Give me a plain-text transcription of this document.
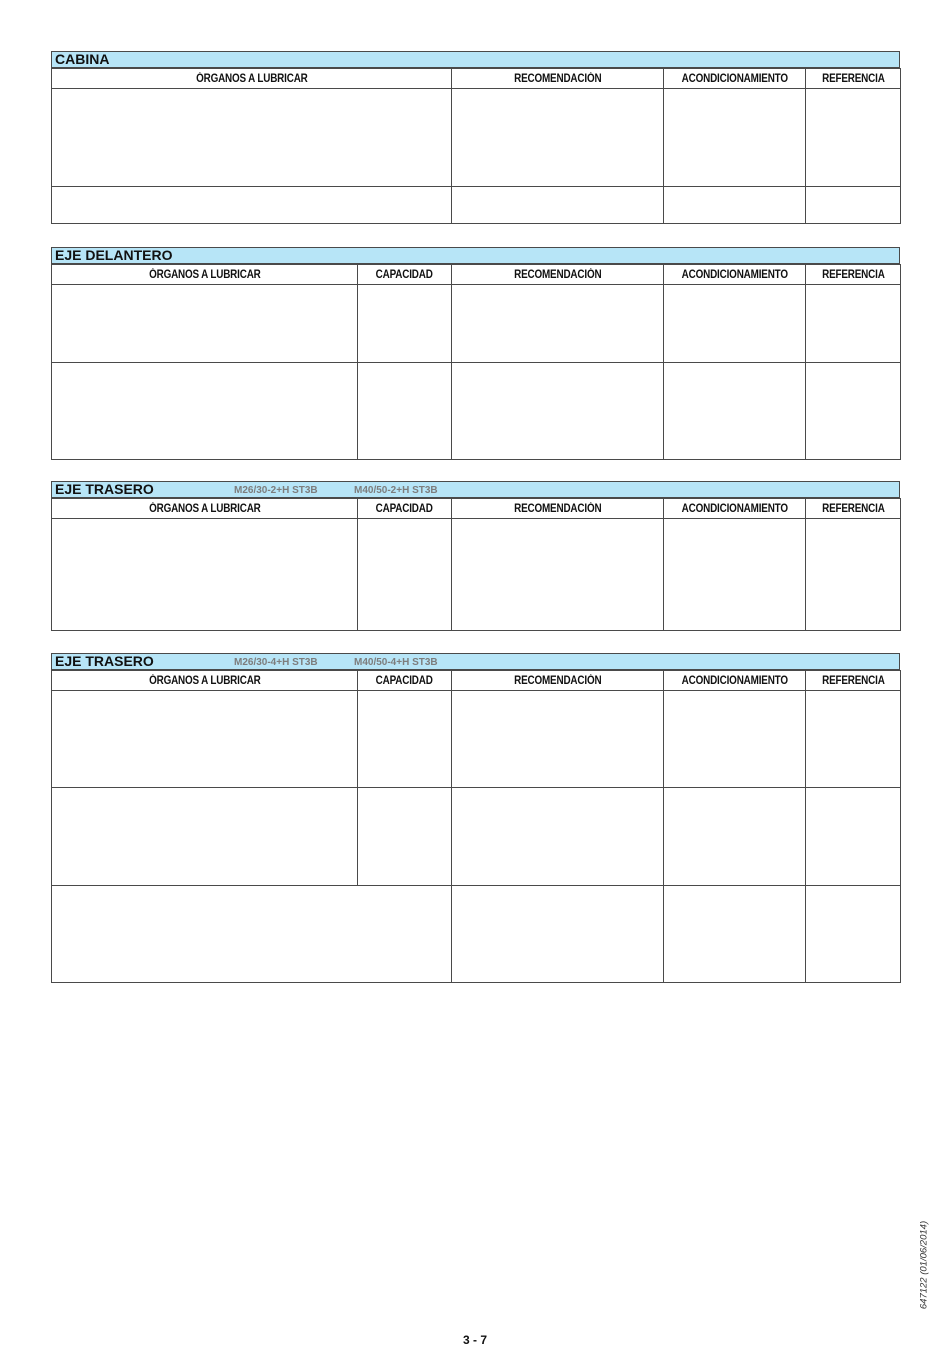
CABINA
ÓRGANOS A LUBRICAR	RECOMENDACIÓN	ACONDICIONAMIENTO	REFERENCIA

EJE DELANTERO
ÓRGANOS A LUBRICAR	CAPACIDAD	RECOMENDACIÓN	ACONDICIONAMIENTO	REFERENCIA

EJE TRASERO	M26/30-2+H ST3B	M40/50-2+H ST3B
ÓRGANOS A LUBRICAR	CAPACIDAD	RECOMENDACIÓN	ACONDICIONAMIENTO	REFERENCIA

EJE TRASERO	M26/30-4+H ST3B	M40/50-4+H ST3B
ÓRGANOS A LUBRICAR	CAPACIDAD	RECOMENDACIÓN	ACONDICIONAMIENTO	REFERENCIA

647122 (01/06/2014)
3 - 7
